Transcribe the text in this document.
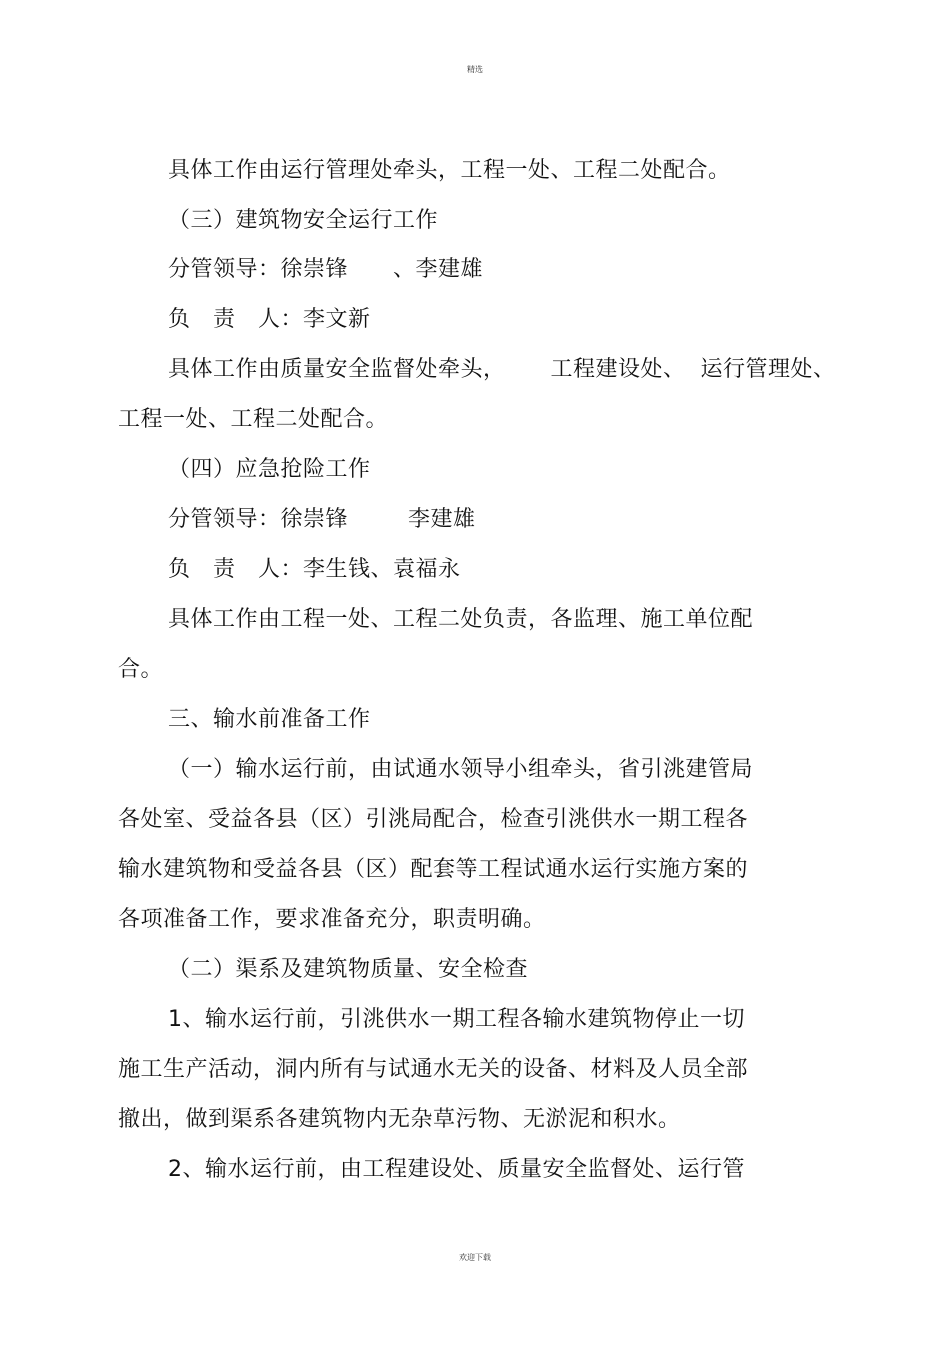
精选
具体工作由运行管理处牵头，工程一处、工程二处配合。
（三）建筑物安全运行工作
分管领导：徐崇锋      、李建雄
负   责   人：李文新
具体工作由质量安全监督处牵头，      工程建设处、  运行管理处、
工程一处、工程二处配合。
（四）应急抢险工作
分管领导：徐崇锋        李建雄
负   责   人：李生钱、袁福永
具体工作由工程一处、工程二处负责，各监理、施工单位配
合。
三、输水前准备工作
（一）输水运行前，由试通水领导小组牵头，省引洮建管局
各处室、受益各县（区）引洮局配合，检查引洮供水一期工程各
输水建筑物和受益各县（区）配套等工程试通水运行实施方案的
各项准备工作，要求准备充分，职责明确。
（二）渠系及建筑物质量、安全检查
1、输水运行前，引洮供水一期工程各输水建筑物停止一切
施工生产活动，洞内所有与试通水无关的设备、材料及人员全部
撤出，做到渠系各建筑物内无杂草污物、无淤泥和积水。
2、输水运行前，由工程建设处、质量安全监督处、运行管
欢迎下载
